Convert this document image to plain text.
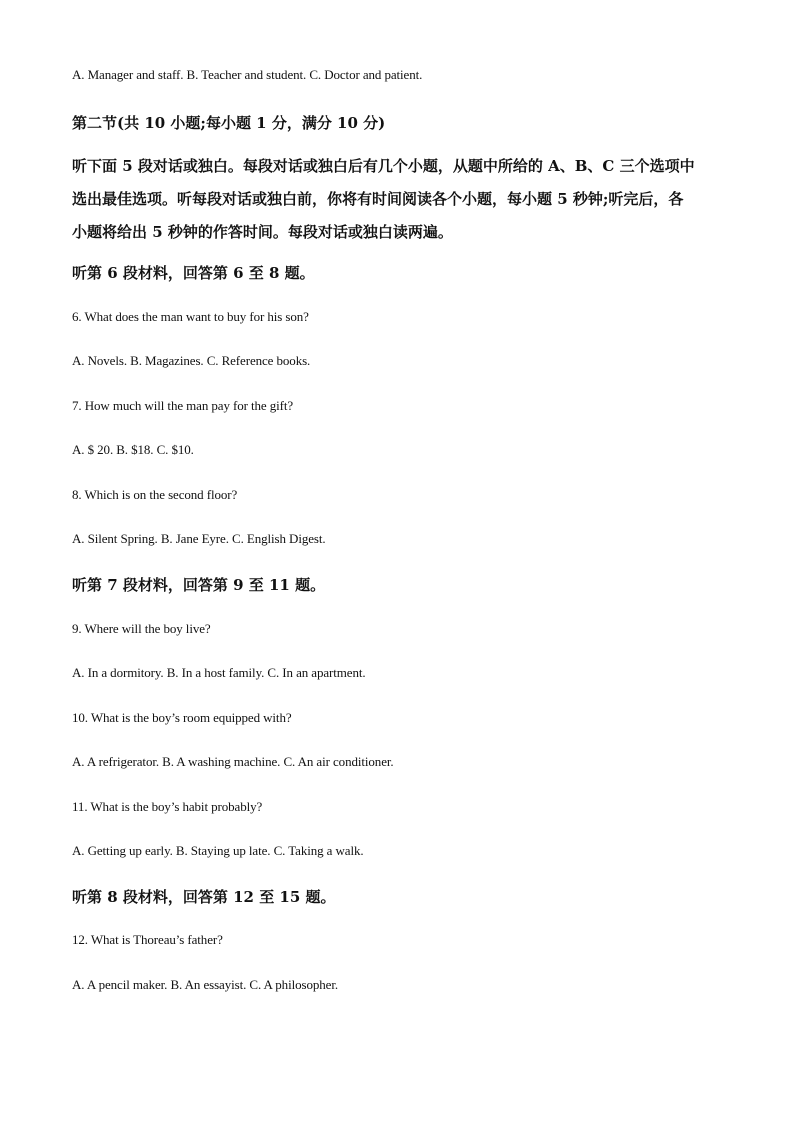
A. Manager and staff. B. Teacher and student. C. Doctor and patient.
第二节(共 10 小题;每小题 1 分，满分 10 分)
听下面 5 段对话或独白。每段对话或独白后有几个小题，从题中所给的 A、B、C 三个选项中
选出最佳选项。听每段对话或独白前，你将有时间阅读各个小题，每小题 5 秒钟;听完后，各
小题将给出 5 秒钟的作答时间。每段对话或独白读两遍。
听第 6 段材料，回答第 6 至 8 题。
6. What does the man want to buy for his son?
A. Novels. B. Magazines. C. Reference books.
7. How much will the man pay for the gift?
A. $ 20. B. $18. C. $10.
8. Which is on the second floor?
A. Silent Spring. B. Jane Eyre. C. English Digest.
听第 7 段材料，回答第 9 至 11 题。
9. Where will the boy live?
A. In a dormitory. B. In a host family. C. In an apartment.
10. What is the boy’s room equipped with?
A. A refrigerator. B. A washing machine. C. An air conditioner.
11. What is the boy’s habit probably?
A. Getting up early. B. Staying up late. C. Taking a walk.
听第 8 段材料，回答第 12 至 15 题。
12. What is Thoreau’s father?
A. A pencil maker. B. An essayist. C. A philosopher.
